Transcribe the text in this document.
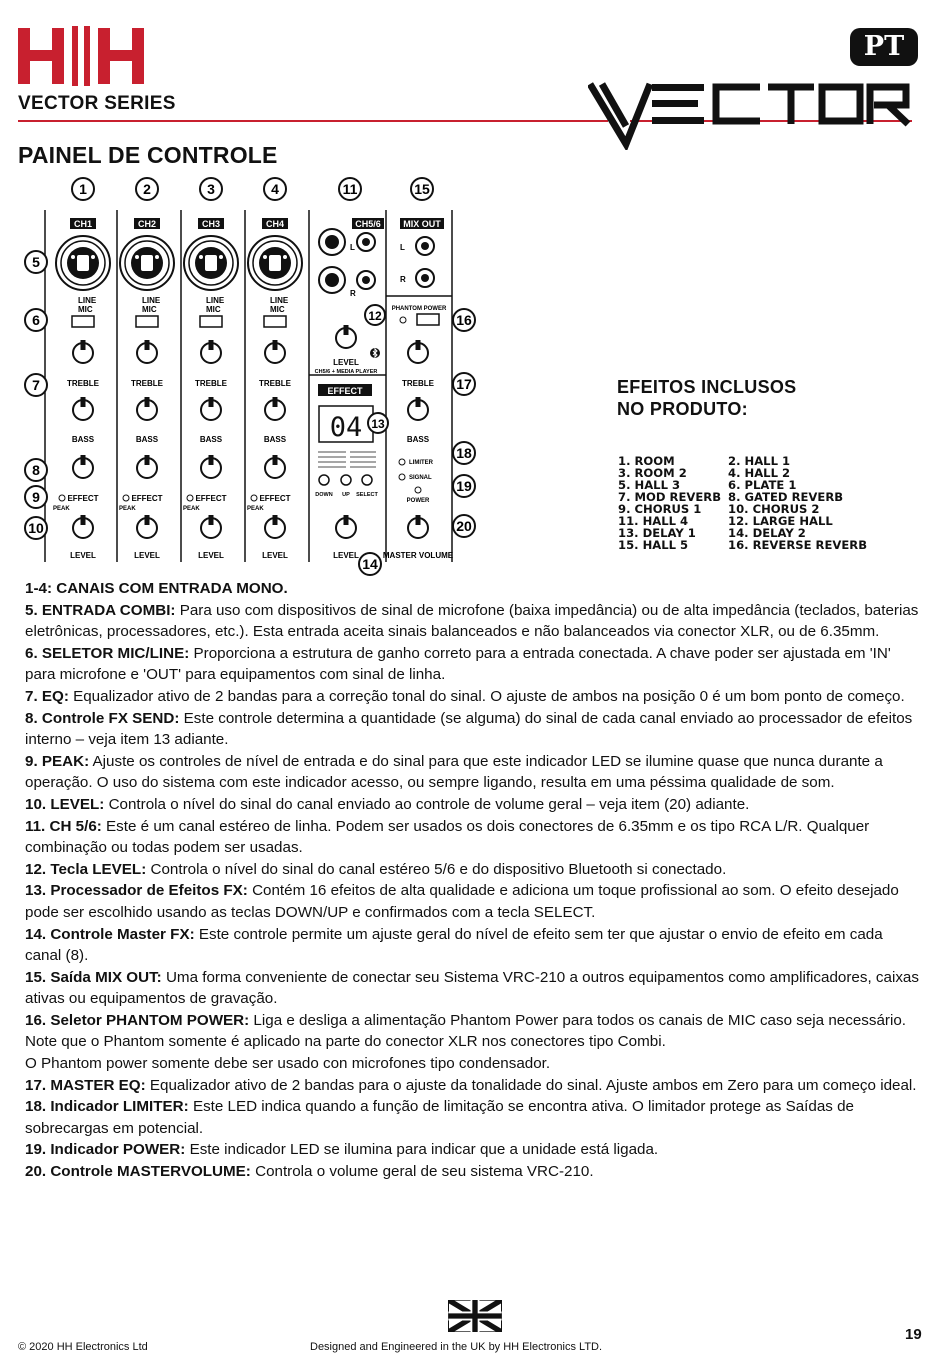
VECTOR SERIES
PT
PAINEL DE CONTROLE
CH1	CH2	CH3	CH4	CH5/6 MIX OUT
L
R
L
R
LINE
MIC
LINE
MIC
LINE
MIC
LINE
MIC	PHANTOM POWER
TREBLE	TREBLE	TREBLE	TREBLE	TREBLE
BASS	BASS	BASS	BASS	BASS
EFFECT	EFFECT	EFFECT	EFFECT
LEVEL	LEVEL	LEVEL	LEVEL	LEVEL
LEVEL
MASTER VOLUME
CH5/6 + MEDIA PLAYER
PEAK	PEAK	PEAK	PEAK
LIMITER
SIGNAL
POWER
EFFECT
04
DOWN UP SELECT
1	2	3	4	11	15
5
6
7
8
9
10
12
13
14
16
17
18
19
20
EFEITOS INCLUSOS
NO PRODUTO:
1. ROOM	2. HALL 1
3. ROOM 2	4. HALL 2
5. HALL 3	6. PLATE 1
7. MOD REVERB 8. GATED REVERB
9. CHORUS 1	10. CHORUS 2
11. HALL 4	12. LARGE HALL
13. DELAY 1	14. DELAY 2
15. HALL 5	16. REVERSE REVERB

1-4: CANAIS COM ENTRADA MONO.

5. ENTRADA COMBI: Para uso com dispositivos de sinal de microfone (baixa impedância) ou de alta impedância (teclados, baterias eletrônicas, processadores, etc.). Esta entrada aceita sinais balanceados e não balanceados via conector XLR, ou de 6.35mm.

6. SELETOR MIC/LINE: Proporciona a estrutura de ganho correto para a entrada conectada. A chave poder ser ajustada em 'IN' para microfone e 'OUT' para equipamentos com sinal de linha.

7. EQ: Equalizador ativo de 2 bandas para a correção tonal do sinal. O ajuste de ambos na posição 0 é um bom ponto de começo.

8. Controle FX SEND: Este controle determina a quantidade (se alguma) do sinal de cada canal enviado ao processador de efeitos interno – veja item 13 adiante.

9. PEAK: Ajuste os controles de nível de entrada e do sinal para que este indicador LED se ilumine quase que nunca durante a operação. O uso do sistema com este indicador acesso, ou sempre ligando, resulta em uma péssima qualidade de som.

10. LEVEL: Controla o nível do sinal do canal enviado ao controle de volume geral – veja item (20) adiante.

11. CH 5/6: Este é um canal estéreo de linha. Podem ser usados os dois conectores de 6.35mm e os tipo RCA L/R. Qualquer combinação ou todas podem ser usadas.

12. Tecla LEVEL: Controla o nível do sinal do canal estéreo 5/6 e do dispositivo Bluetooth si conectado.

13. Processador de Efeitos FX: Contém 16 efeitos de alta qualidade e adiciona um toque profissional ao som. O efeito desejado pode ser escolhido usando as teclas DOWN/UP e confirmados com a tecla SELECT.

14. Controle Master FX: Este controle permite um ajuste geral do nível de efeito sem ter que ajustar o envio de efeito em cada canal (8).

15. Saída MIX OUT: Uma forma conveniente de conectar seu Sistema VRC-210 a outros equipamentos como amplificadores, caixas ativas ou equipamentos de gravação.

16. Seletor PHANTOM POWER: Liga e desliga a alimentação Phantom Power para todos os canais de MIC caso seja necessário. Note que o Phantom somente é aplicado na parte do conector XLR nos conectores tipo Combi.

O Phantom power somente debe ser usado con microfones tipo condensador.

17. MASTER EQ: Equalizador ativo de 2 bandas para o ajuste da tonalidade do sinal. Ajuste ambos em Zero para um começo ideal.

18. Indicador LIMITER: Este LED indica quando a função de limitação se encontra ativa. O limitador protege as Saídas de sobrecargas em potencial.

19. Indicador POWER: Este indicador LED se ilumina para indicar que a unidade está ligada.

20. Controle MASTERVOLUME: Controla o volume geral de seu sistema VRC-210.

19
© 2020 HH Electronics Ltd	Designed and Engineered in the UK by HH Electronics LTD.
